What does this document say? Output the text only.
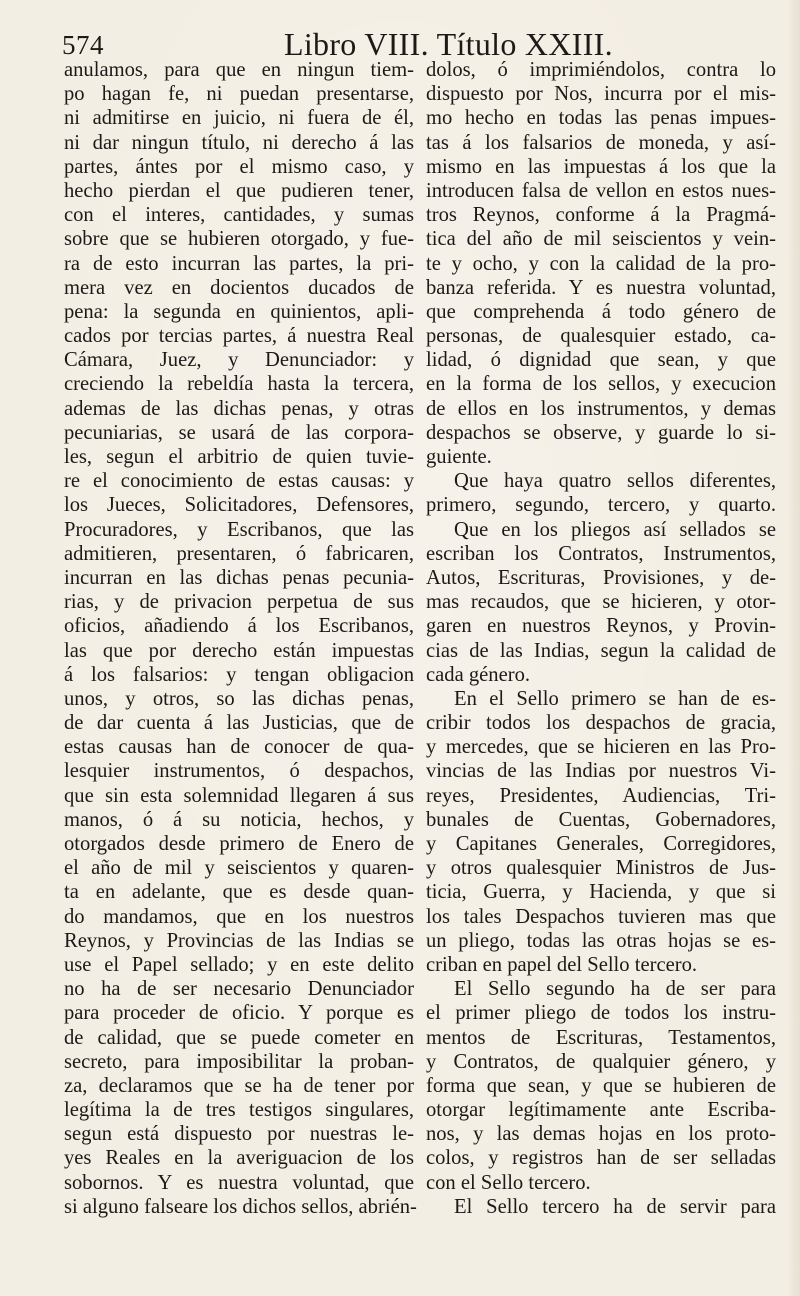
574	Libro VIII. Título XXIII.
anulamos, para que en ningun tiem-
po hagan fe, ni puedan presentarse,
ni admitirse en juicio, ni fuera de él,
ni dar ningun título, ni derecho á las
partes, ántes por el mismo caso, y
hecho pierdan el que pudieren tener,
con el interes, cantidades, y sumas
sobre que se hubieren otorgado, y fue-
ra de esto incurran las partes, la pri-
mera vez en docientos ducados de
pena: la segunda en quinientos, apli-
cados por tercias partes, á nuestra Real
Cámara, Juez, y Denunciador: y
creciendo la rebeldía hasta la tercera,
ademas de las dichas penas, y otras
pecuniarias, se usará de las corpora-
les, segun el arbitrio de quien tuvie-
re el conocimiento de estas causas: y
los Jueces, Solicitadores, Defensores,
Procuradores, y Escribanos, que las
admitieren, presentaren, ó fabricaren,
incurran en las dichas penas pecunia-
rias, y de privacion perpetua de sus
oficios, añadiendo á los Escribanos,
las que por derecho están impuestas
á los falsarios: y tengan obligacion
unos, y otros, so las dichas penas,
de dar cuenta á las Justicias, que de
estas causas han de conocer de qua-
lesquier instrumentos, ó despachos,
que sin esta solemnidad llegaren á sus
manos, ó á su noticia, hechos, y
otorgados desde primero de Enero de
el año de mil y seiscientos y quaren-
ta en adelante, que es desde quan-
do mandamos, que en los nuestros
Reynos, y Provincias de las Indias se
use el Papel sellado; y en este delito
no ha de ser necesario Denunciador
para proceder de oficio. Y porque es
de calidad, que se puede cometer en
secreto, para imposibilitar la proban-
za, declaramos que se ha de tener por
legítima la de tres testigos singulares,
segun está dispuesto por nuestras le-
yes Reales en la averiguacion de los
sobornos. Y es nuestra voluntad, que
si alguno falseare los dichos sellos, abrién-
dolos, ó imprimiéndolos, contra lo
dispuesto por Nos, incurra por el mis-
mo hecho en todas las penas impues-
tas á los falsarios de moneda, y así-
mismo en las impuestas á los que la
introducen falsa de vellon en estos nues-
tros Reynos, conforme á la Pragmá-
tica del año de mil seiscientos y vein-
te y ocho, y con la calidad de la pro-
banza referida. Y es nuestra voluntad,
que comprehenda á todo género de
personas, de qualesquier estado, ca-
lidad, ó dignidad que sean, y que
en la forma de los sellos, y execucion
de ellos en los instrumentos, y demas
despachos se observe, y guarde lo si-
guiente.
Que haya quatro sellos diferentes,
primero, segundo, tercero, y quarto.
Que en los pliegos así sellados se
escriban los Contratos, Instrumentos,
Autos, Escrituras, Provisiones, y de-
mas recaudos, que se hicieren, y otor-
garen en nuestros Reynos, y Provin-
cias de las Indias, segun la calidad de
cada género.
En el Sello primero se han de es-
cribir todos los despachos de gracia,
y mercedes, que se hicieren en las Pro-
vincias de las Indias por nuestros Vi-
reyes, Presidentes, Audiencias, Tri-
bunales de Cuentas, Gobernadores,
y Capitanes Generales, Corregidores,
y otros qualesquier Ministros de Jus-
ticia, Guerra, y Hacienda, y que si
los tales Despachos tuvieren mas que
un pliego, todas las otras hojas se es-
criban en papel del Sello tercero.
El Sello segundo ha de ser para
el primer pliego de todos los instru-
mentos de Escrituras, Testamentos,
y Contratos, de qualquier género, y
forma que sean, y que se hubieren de
otorgar legítimamente ante Escriba-
nos, y las demas hojas en los proto-
colos, y registros han de ser selladas
con el Sello tercero.
El Sello tercero ha de servir para
